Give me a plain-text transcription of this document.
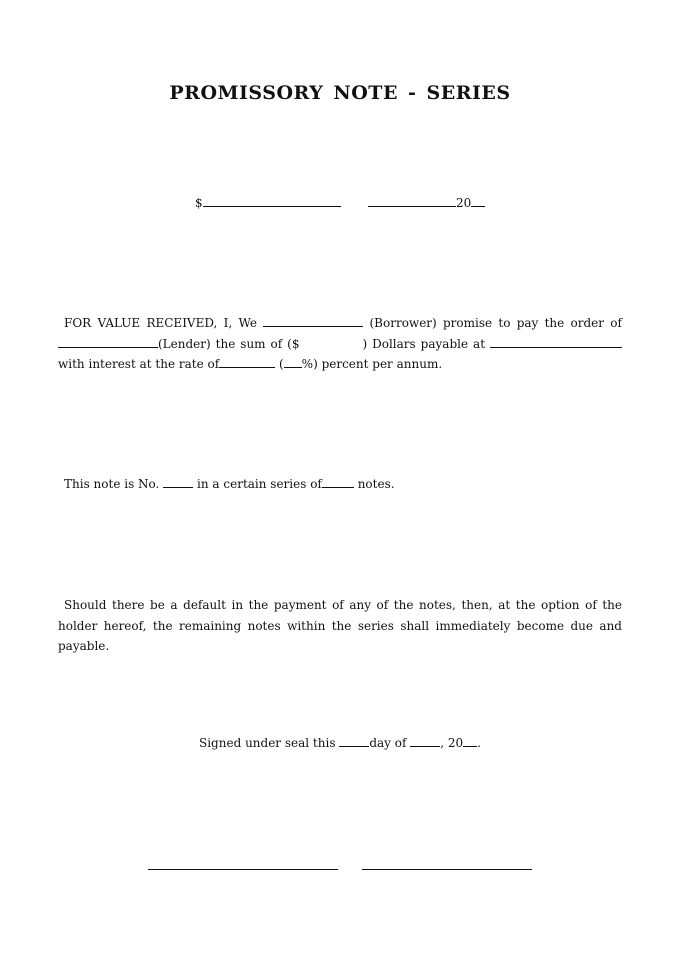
PROMISSORY NOTE - SERIES
$	20
FOR VALUE RECEIVED, I, We	(Borrower) promise to pay the order of (Lender) the sum of ($	) Dollars payable at  with interest at the rate of	( %) percent per annum.
This note is No.	in a certain series of	notes.
Should there be a default in the payment of any of the notes, then, at the option of the holder hereof, the remaining notes within the series shall immediately become due and payable.
Signed under seal this	day of	, 20 .
